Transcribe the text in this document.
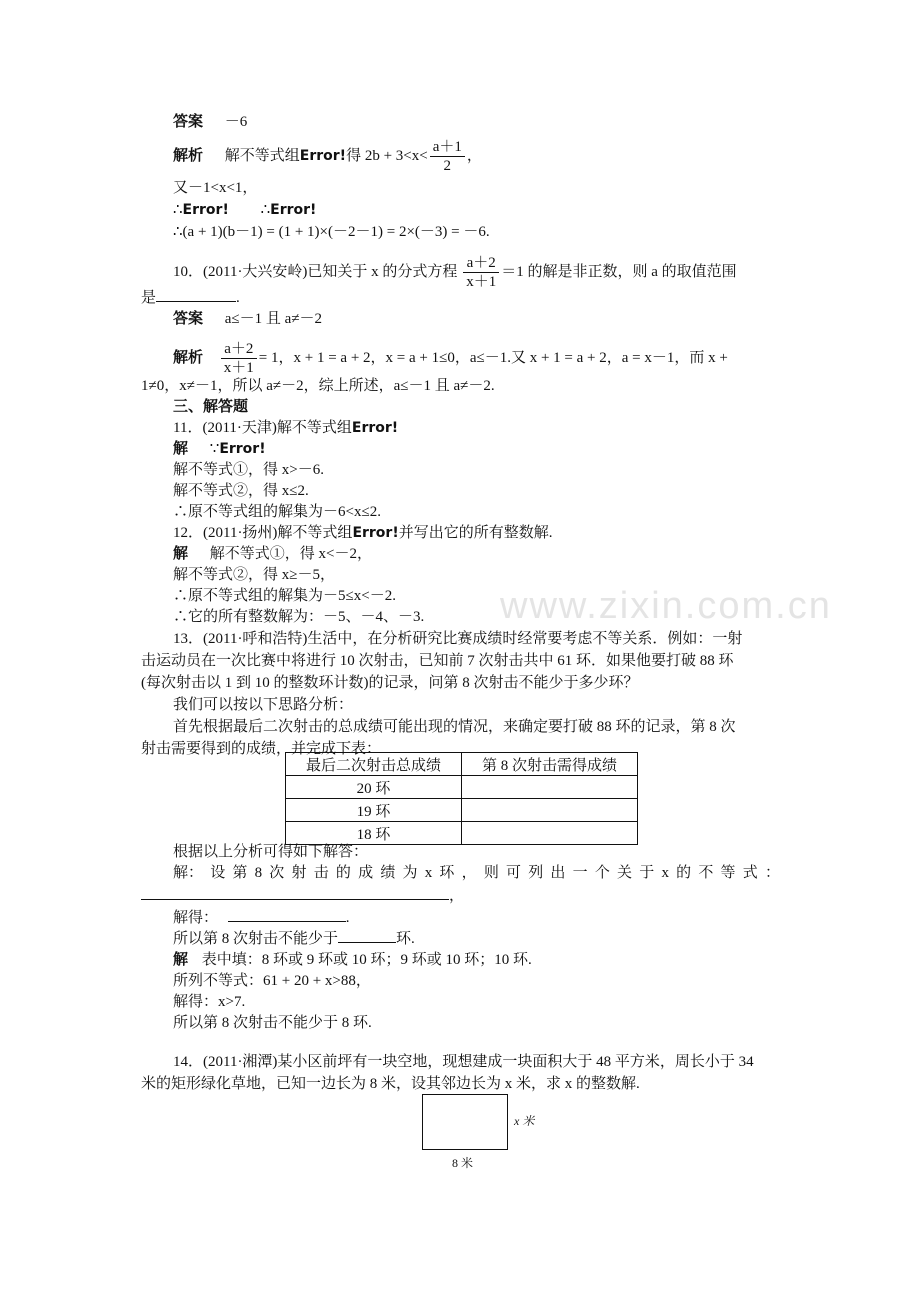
www.zixin.com.cn
答案 －6
解析 解不等式组Error!得 $2b + 3<x< \frac{a+1}{2}$ ，
又－1<x<1，
∴Error! ∴Error!
∴(a + 1)(b－1) = (1 + 1)×(－2－1) = 2×(－3) = －6.
10．(2011·大兴安岭)已知关于 x 的分式方程 $\frac{a+2}{x+1} =1$ 的解是非正数，则 a 的取值范围
是	.
答案 a≤－1 且 a≠－2
解析 $\frac{a+2}{x+1} = 1$，x + 1 = a + 2，x = a + 1≤0，a≤－1.又 x + 1 = a + 2，a = x－1，而 x +
1≠0，x≠－1，所以 a≠－2，综上所述，a≤－1 且 a≠－2.
三、解答题
11．(2011·天津)解不等式组Error!
解 ∵Error!
解不等式①，得 x>－6.
解不等式②，得 x≤2.
∴原不等式组的解集为－6<x≤2.
12．(2011·扬州)解不等式组Error!并写出它的所有整数解.
解 解不等式①，得 x<－2，
解不等式②，得 x≥－5，
∴原不等式组的解集为－5≤x<－2.
∴它的所有整数解为：－5、－4、－3.
13．(2011·呼和浩特)生活中，在分析研究比赛成绩时经常要考虑不等关系．例如：一射
击运动员在一次比赛中将进行 10 次射击，已知前 7 次射击共中 61 环．如果他要打破 88 环
(每次射击以 1 到 10 的整数环计数)的记录，问第 8 次射击不能少于多少环？
我们可以按以下思路分析：
首先根据最后二次射击的总成绩可能出现的情况，来确定要打破 88 环的记录，第 8 次
射击需要得到的成绩，并完成下表：
最后二次射击总成绩	第 8 次射击需得成绩
20 环	
19 环	
18 环	
根据以上分析可得如下解答：
解： 设 第 8 次 射 击 的 成 绩 为 x 环 ， 则 可 列 出 一 个 关 于 x 的 不 等 式 ：
，
解得：	.
所以第 8 次射击不能少于	环.
解 表中填：8 环或 9 环或 10 环；9 环或 10 环；10 环.
所列不等式：61 + 20 + x>88，
解得：x>7.
所以第 8 次射击不能少于 8 环.
14．(2011·湘潭)某小区前坪有一块空地，现想建成一块面积大于 48 平方米，周长小于 34
米的矩形绿化草地，已知一边长为 8 米，设其邻边长为 x 米，求 x 的整数解.
x 米
8 米
